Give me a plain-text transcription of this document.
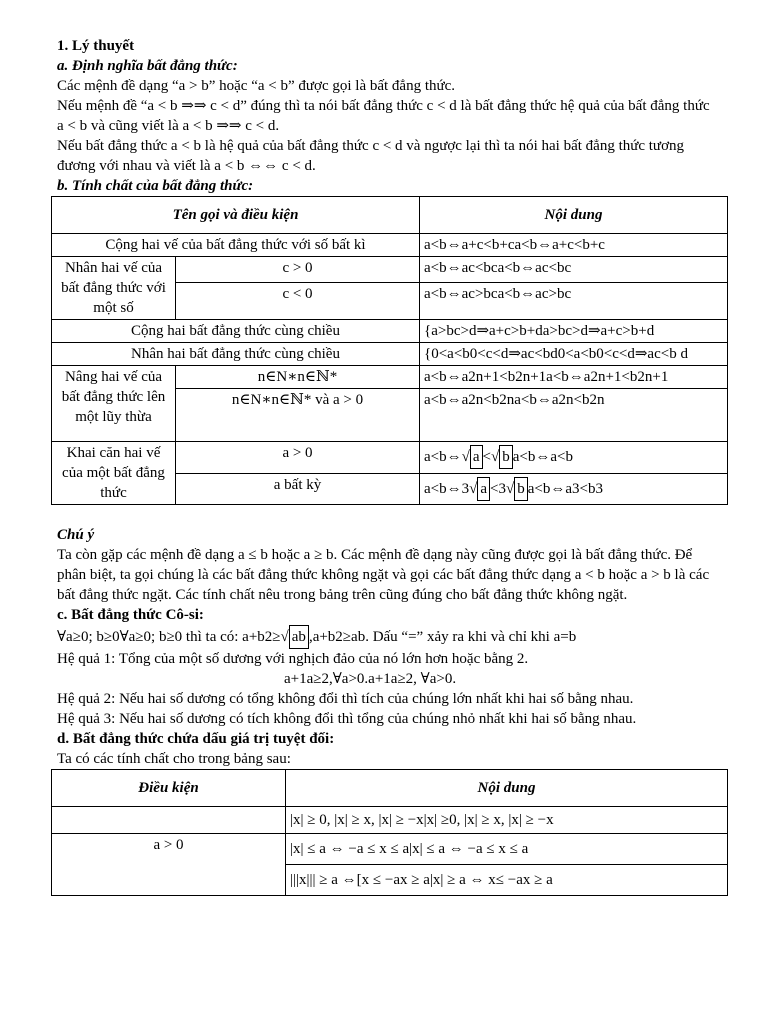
1. Lý thuyết

a. Định nghĩa bất đẳng thức:

Các mệnh đề dạng “a > b” hoặc “a < b” được gọi là bất đẳng thức.

Nếu mệnh đề “a < b ⇒⇒ c < d” đúng thì ta nói bất đẳng thức c < d là bất đẳng thức hệ quả của bất đẳng thức a < b và cũng viết là a < b ⇒⇒ c < d.

Nếu bất đẳng thức a < b là hệ quả của bất đẳng thức c < d và ngược lại thì ta nói hai bất đẳng thức tương đương với nhau và viết là a < b ⇔⇔ c < d.

b. Tính chất của bất đẳng thức:

Tên gọi và điều kiện		Nội dung
Cộng hai vế của bất đẳng thức với số bất kì		a<b⇔a+c<b+ca<b⇔a+c<b+c
Nhân hai vế của bất đẳng thức với một số	c > 0	a<b⇔ac<bca<b⇔ac<bc
	c < 0	a<b⇔ac>bca<b⇔ac>bc
Cộng hai bất đẳng thức cùng chiều		{a>bc>d⇒a+c>b+da>bc>d⇒a+c>b+d
Nhân hai bất đẳng thức cùng chiều		{0<a<b0<c<d⇒ac<bd0<a<b0<c<d⇒ac<b d
Nâng hai vế của bất đẳng thức lên một lũy thừa	n∈N∗n∈ℕ*	a<b⇔a2n+1<b2n+1a<b⇔a2n+1<b2n+1
	n∈N∗n∈ℕ* và a > 0	a<b⇔a2n<b2na<b⇔a2n<b2n
Khai căn hai vế của một bất đẳng thức	a > 0	a<b⇔√ a <√ b a<b⇔a<b
	a bất kỳ	a<b⇔3√ a <3√ b a<b⇔a3<b3

Chú ý

Ta còn gặp các mệnh đề dạng a ≤ b hoặc a ≥ b. Các mệnh đề dạng này cũng được gọi là bất đẳng thức. Để phân biệt, ta gọi chúng là các bất đẳng thức không ngặt và gọi các bất đẳng thức dạng a < b hoặc a > b là các bất đẳng thức ngặt. Các tính chất nêu trong bảng trên cũng đúng cho bất đẳng thức không ngặt.

c. Bất đẳng thức Cô-si:

∀a≥0; b≥0∀a≥0; b≥0 thì ta có: a+b2≥√ ab ,a+b2≥ab. Dấu “=” xảy ra khi và chỉ khi a=b

Hệ quả 1: Tổng của một số dương với nghịch đảo của nó lớn hơn hoặc bằng 2.

a+1a≥2,∀a>0.a+1a≥2, ∀a>0.

Hệ quả 2: Nếu hai số dương có tổng không đổi thì tích của chúng lớn nhất khi hai số bằng nhau.

Hệ quả 3: Nếu hai số dương có tích không đổi thì tổng của chúng nhỏ nhất khi hai số bằng nhau.

d. Bất đẳng thức chứa dấu giá trị tuyệt đối:

Ta có các tính chất cho trong bảng sau:

Điều kiện	Nội dung
	|x| ≥ 0, |x| ≥ x, |x| ≥ −x|x| ≥0, |x| ≥ x, |x| ≥ −x
a > 0	|x| ≤ a ⇔ −a ≤ x ≤ a|x| ≤ a ⇔ −a ≤ x ≤ a
	|||x||| ≥ a ⇔[x ≤ −ax ≥ a|x| ≥ a ⇔ x≤ −ax ≥ a
